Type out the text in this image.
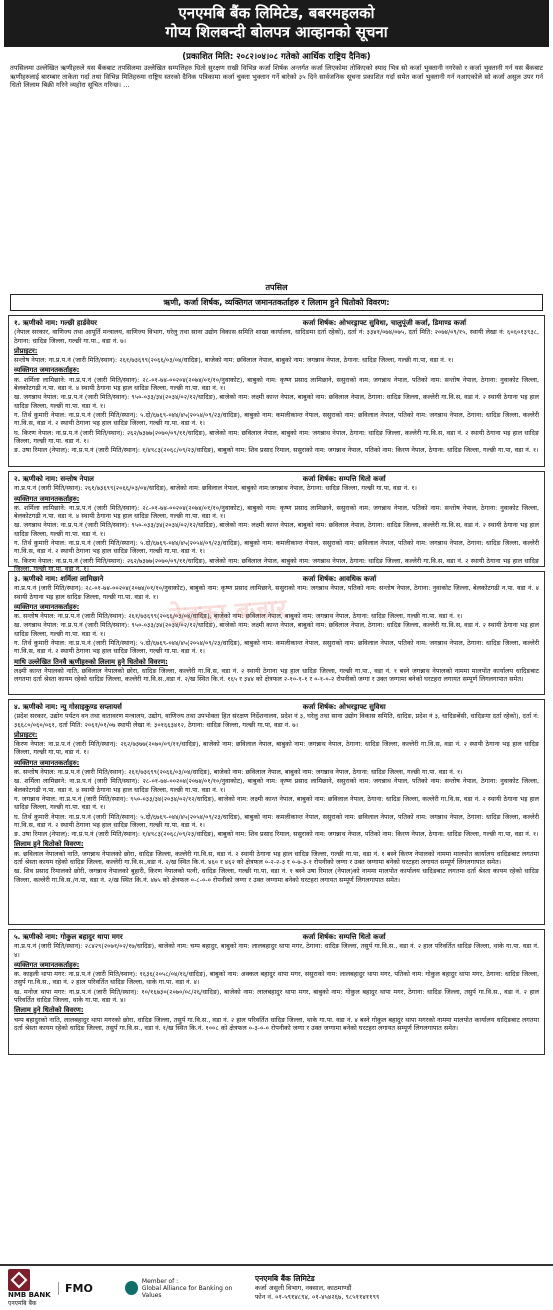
एनएमबि बैंक लिमिटेड, बबरमहलको
गोप्य शिलबन्दी बोलपत्र आव्हानको सूचना
(प्रकाशित मिति: २०८२।०४।०८ गतेको आर्थिक राष्ट्रिय दैनिक)

तपसिलमा उल्लेखित ऋणीहरुले यस बैंकबाट तपसिलमा उल्लेखित सम्पत्तिहरु धितो सुरक्षण राखी विभिन्न कर्जा शिर्षक अन्तर्गत कर्जा लिएकोमा तोकिएको स्याद भित्र सो कर्जा भुक्तानी नगरेको र कर्जा भुक्तानी गर्न यस बैंकबाट ऋणीहरुलाई बारम्बार ताकेता गर्दा तथा विभिन्न मितिहरुमा राष्ट्रिय स्तरको दैनिक पत्रिकामा कर्जा चुक्ता भुक्तान गर्ने बारेको ३५ दिने सार्वजनिक सूचना प्रकाशित गर्दा समेत कर्जा भुक्तानी गर्न नआएकोले सो कर्जा असुल उपर गर्न धितो लिलाम बिक्री गरिने व्यहोरा सूचित गरिन्छ। ...

तपसिल
ऋणी, कर्जा शिर्षक, व्यक्तिगत जमानतकर्ताहरु र लिलाम हुने धितोको विवरण:
ठेक्का बजार
१. ऋणीको नाम: गल्छी हार्डवेयर	कर्जा शिर्षक: ओभरड्राफ्ट सुविधा, चालुपूंजी कर्जा, डिमाण्ड कर्जा
(नेपाल सरकार, वाणिज्य तथा आपूर्ति मन्त्रालय, वाणिज्य विभाग, घरेलु तथा साना उद्योग विकास समिति शाखा कार्यालय, धादिङमा दर्ता रहेको), दर्ता नं: ३३४१/०७४/०७५, दर्ता मिति: २०७४/०९/१५, स्थायी लेखा नं: ६०६०१३९३८, ठेगाना: धादिङ जिल्ला, गल्छी गा.पा., वडा नं. ७।
प्रोप्राइटर:
सन्तोष नेपाल: ना.प्र.प.नं (जारी मिति/स्थान): २६१/७३६९९(२०६६/०३/०४/धादिङ), बाजेको नाम: छविलाल नेपाल, बाबुको नाम: जगन्नाथ नेपाल, ठेगाना: धादिङ जिल्ला, गल्छी गा.पा, वडा नं. १।
व्यक्तिगत जमानतकर्ताहरु:
क. शर्मिला लामिछाने: ना.प्र.प.नं (जारी मिति/स्थान): २८-०१-७४-००२०४(२०७४/०१/१०/नुवाकोट), बाबुको नाम: कृष्ण प्रसाद लामिछाने, ससुराको नाम: जगन्नाथ नेपाल, पतिको नाम: सन्तोष नेपाल, ठेगाना: नुवाकोट जिल्ला, बेलकोटगढी न.पा. वडा नं. ४ स्थायी ठेगाना भइ हाल धादिङ जिल्ला, गल्छी गा.पा. वडा नं. १।
ख. जगन्नाथ नेपाल: ना.प्र.प.नं (जारी मिति/स्थान): ९५०-०३३/३४(२०३४/०२/१२/धादिङ), बाजेको नाम: लक्ष्मी कान्त नेपाल, बाबुको नाम: छविलाल नेपाल, ठेगाना: धादिङ जिल्ला, कल्लेरी गा.वि.स, वडा नं. २ स्थायी ठेगाना भइ हाल धादिङ जिल्ला, गल्छी गा.पा. वडा नं. १।
ग. तिर्थ कुमारी नेपाल: ना.प्र.प.नं (जारी मिति/स्थान): ५.दो/६७६९-०४४/४५(२०५४/०९/२३/धादिङ), बाबुको नाम: कमलीकान्त नेपाल, ससुराको नाम: छविलाल नेपाल, पतिको नाम: जगन्नाथ नेपाल, ठेगाना: धादिङ जिल्ला, कल्लेरी गा.वि.स, वडा नं. २ स्थायी ठेगाना भइ हाल धादिङ जिल्ला, गल्छी गा.पा. वडा नं. १।
घ. किरण नेपाल: ना.प्र.प.नं (जारी मिति/स्थान): २६२/७३७७(२०७०/०९/११/धादिङ), बाजेको नाम: छविलाल नेपाल, बाबुको नाम: जगन्नाथ नेपाल, ठेगाना: धादिङ जिल्ला, कल्लेरी गा.वि.स, वडा नं. २ स्थायी ठेगाना भइ हाल धादिङ जिल्ला, गल्छी गा.पा. वडा नं. १।
ङ. उषा रिमाल (नेपाल): ना.प्र.प.नं (जारी मिति/स्थान): १/४९८३(२०६८/०९/२३/धादिङ), बाबुको नाम: शिव प्रसाद रिमाल, ससुराको नाम: जगन्नाथ नेपाल, पतिको नाम: किरण नेपाल, ठेगाना: धादिङ जिल्ला, गल्छी गा.पा, वडा नं. १।
२. ऋणीको नाम: सन्तोष नेपाल	कर्जा शिर्षक: सम्पत्ति धितो कर्जा
ना.प्र.प.नं (जारी मिति/स्थान): २६१/७३६९९(२०६६/०३/०४/धादिङ), बाजेको नाम: छविलाल नेपाल, बाबुको नाम:जगन्नाथ नेपाल, ठेगाना: धादिङ जिल्ला, गल्छी गा.पा, वडा नं. १।
व्यक्तिगत जमानतकर्ताहरु:
क. शर्मिला लामिछाने: ना.प्र.प.नं (जारी मिति/स्थान): २८-०१-७४-००२०४(२०७४/०१/१०/नुवाकोट), बाबुको नाम: कृष्ण प्रसाद लामिछाने, ससुराको नाम: जगन्नाथ नेपाल, पतिको नाम: सन्तोष नेपाल, ठेगाना: नुवाकोट जिल्ला, बेलकोटगढी न.पा. वडा नं. ४ स्थायी ठेगाना भइ हाल धादिङ जिल्ला, गल्छी गा.पा. वडा नं. १।
ख. जगन्नाथ नेपाल: ना.प्र.प.नं (जारी मिति/स्थान): ९५०-०३३/३४(२०३४/०२/१२/धादिङ), बाजेको नाम: लक्ष्मी कान्त नेपाल, बाबुको नाम: छविलाल नेपाल, ठेगाना: धादिङ जिल्ला, कल्लेरी गा.वि.स, वडा नं. २ स्थायी ठेगाना भइ हाल धादिङ जिल्ला, गल्छी गा.पा. वडा नं. १।
ग. तिर्थ कुमारी नेपाल: ना.प्र.प.नं (जारी मिति/स्थान): ५.दो/६७६९-०४४/४५(२०५४/०९/२३/धादिङ), बाबुको नाम: कमलीकान्त नेपाल, ससुराको नाम: छविलाल नेपाल, पतिको नाम: जगन्नाथ नेपाल, ठेगाना: धादिङ जिल्ला, कल्लेरी गा.वि.स, वडा नं. २ स्थायी ठेगाना भइ हाल धादिङ जिल्ला, गल्छी गा.पा. वडा नं. १।
घ. किरण नेपाल: ना.प्र.प.नं (जारी मिति/स्थान): २६२/७३७७(२०७०/०९/११/धादिङ), बाजेको नाम: छविलाल नेपाल, बाबुको नाम: जगन्नाथ नेपाल, ठेगाना: धादिङ जिल्ला, कल्लेरी गा.वि.स, वडा नं. २ स्थायी ठेगाना भइ हाल धादिङ जिल्ला, गल्छी गा.पा. वडा नं. १।
३. ऋणीको नाम: शर्मिला लामिछाने	कर्जा शिर्षक: आवधिक कर्जा
ना.प्र.प.नं (जारी मिति/स्थान): २८-०१-७४-००२०४(२०७४/०१/१०/नुवाकोट), बाबुको नाम: कृष्ण प्रसाद लामिछाने, ससुराको नाम: जगन्नाथ नेपाल, पतिको नाम: सन्तोष नेपाल, ठेगाना: नुवाकोट जिल्ला, बेलकोटगढी न.पा. वडा नं. ४ स्थायी ठेगाना भइ हाल धादिङ जिल्ला, गल्छी गा.पा. वडा नं. १।
व्यक्तिगत जमानतकर्ताहरु:
क. सन्तोष नेपाल: ना.प्र.प.नं (जारी मिति/स्थान): २६१/७३६९९(२०६६/०३/०४/धादिङ), बाजेको नाम: छविलाल नेपाल, बाबुको नाम: जगन्नाथ नेपाल, ठेगाना: धादिङ जिल्ला, गल्छी गा.पा. वडा नं. १।
ख. जगन्नाथ नेपाल: ना.प्र.प.नं (जारी मिति/स्थान): ९५०-०३३/३४(२०३४/०२/१२/धादिङ), बाजेको नाम: लक्ष्मी कान्त नेपाल, बाबुको नाम: छविलाल नेपाल, ठेगाना: धादिङ जिल्ला, कल्लेरी गा.वि.स, वडा नं. २ स्थायी ठेगाना भइ हाल धादिङ जिल्ला, गल्छी गा.पा. वडा नं. १।
ग. तिर्थ कुमारी नेपाल: ना.प्र.प.नं (जारी मिति/स्थान): ५.दो/६७६९-०४४/४५(२०५४/०९/२३/धादिङ), बाबुको नाम: कमलीकान्त नेपाल, ससुराको नाम: छविलाल नेपाल, पतिको नाम: जगन्नाथ नेपाल, ठेगाना: धादिङ जिल्ला, कल्लेरी गा.वि.स, वडा नं. २ स्थायी ठेगाना भइ हाल धादिङ जिल्ला, गल्छी गा.पा. वडा नं. १।
माथि उल्लेखित तिनवै ऋणीहरुको लिलाम हुने धितोको विवरण:
लक्ष्मी कान्त नेपालको नाति, छविलाल नेपालको छोरा, धादिङ जिल्ला, कल्लेरी गा.वि.स, वडा नं. २ स्थायी ठेगाना भइ हाल धादिङ जिल्ला, गल्छी गा.पा., वडा नं. १ बस्ने जगन्नाथ नेपालको नाममा मालपोत कार्यालय धादिङबाट लगतमा दर्ता श्रेस्ता कायम रहेको धादिङ जिल्ला, कल्लेरी गा.वि.स.,वडा नं. २/ख स्थित कि.नं. १६५ र ३४४ को क्षेत्रफल २-१०-१-१ र ०-१-०-२ रोपनीको जग्गा र उक्त जग्गामा बनेको घरटहरा लगायत सम्पूर्ण लिगलगापात समेत।
४. ऋणीको नाम: न्यु गोसाइकुण्ड सप्लायर्स	कर्जा शिर्षक: ओभरड्राफ्ट सुविधा
(प्रदेश सरकार, उद्योग पर्यटन वन तथा वातावरण मन्त्रालय, उद्योग, वाणिज्य तथा उपभोक्ता हित संरक्षण निर्देशनालय, प्रदेश नं ३, घरेलु तथा साना उद्योग विकास समिति, धादिङ, प्रदेश नं ३, धादिङबेंसी, धादिङमा दर्ता रहेको), दर्ता नं: ३६६८०/०६०/०६१, दर्ता मिति: २०६१/०१/०७ स्थायी लेखा नं: ३०१६६३४१२, ठेगाना: धादिङ जिल्ला, गल्छी गा.पा, वडा नं. ७।
प्रोप्राइटर:
किरण नेपाल: ना.प्र.प.नं (जारी मिति/स्थान): २६२/७३७७(२०७०/०९/११/धादिङ), बाजेको नाम: छविलाल नेपाल, बाबुको नाम: जगन्नाथ नेपाल, ठेगाना: धादिङ जिल्ला, कल्लेरी गा.वि.स, वडा नं. २ स्थायी ठेगाना भइ हाल धादिङ जिल्ला, गल्छी गा.पा, वडा नं. १।
व्यक्तिगत जमानतकर्ताहरु:
क. सन्तोष नेपाल: ना.प्र.प.नं (जारी मिति/स्थान): २६१/७३६९९(२०६६/०३/०४/धादिङ), बाजेको नाम: छविलाल नेपाल, बाबुको नाम: जगन्नाथ नेपाल, ठेगाना: धादिङ जिल्ला, गल्छी गा.पा. वडा नं. १।
ख. शर्मिला लामिछाने: ना.प्र.प.नं (जारी मिति/स्थान): २८-०१-७४-००२०४(२०७४/०१/१०/नुवाकोट), बाबुको नाम: कृष्ण प्रसाद लामिछाने, ससुराको नाम: जगन्नाथ नेपाल, पतिको नाम: सन्तोष नेपाल, ठेगाना: नुवाकोट जिल्ला, बेलकोटगढी न.पा. वडा नं. ४ स्थायी ठेगाना भइ हाल धादिङ जिल्ला, गल्छी गा.पा. वडा नं. १।
ग. जगन्नाथ नेपाल: ना.प्र.प.नं (जारी मिति/स्थान): ९५०-०३३/३४(२०३४/०२/१२/धादिङ), बाजेको नाम: लक्ष्मी कान्त नेपाल, बाबुको नाम: छविलाल नेपाल, ठेगाना: धादिङ जिल्ला, कल्लेरी गा.वि.स, वडा नं. २ स्थायी ठेगाना भइ हाल धादिङ जिल्ला, गल्छी गा.पा. वडा नं. १।
घ. तिर्थ कुमारी नेपाल: ना.प्र.प.नं (जारी मिति/स्थान): ५.दो/६७६९-०४४/४५(२०५४/०९/२३/धादिङ), बाबुको नाम: कमलीकान्त नेपाल, ससुराको नाम: छविलाल नेपाल, पतिको नाम: जगन्नाथ नेपाल, ठेगाना: धादिङ जिल्ला, कल्लेरी गा.वि.स, वडा नं. २ स्थायी ठेगाना भइ हाल धादिङ जिल्ला, गल्छी गा.पा. वडा नं. १।
ङ. उषा रिमाल (नेपाल): ना.प्र.प.नं (जारी मिति/स्थान): १/४९८३(२०६८/०९/२३/धादिङ), बाबुको नाम: शिव प्रसाद रिमाल, ससुराको नाम: जगन्नाथ नेपाल, पतिको नाम: किरण नेपाल, ठेगाना: धादिङ जिल्ला, गल्छी गा.पा, वडा नं. १।
लिलाम हुने धितोको विवरण:
क. छविलाल नेपालको नाति, जगन्नाथ नेपालको छोरा, धादिङ जिल्ला, कल्लेरी गा.वि.स, वडा नं. २ स्थायी ठेगाना भइ हाल धादिङ जिल्ला, गल्छी गा.पा, वडा नं. १ बस्ने किरण नेपालको नाममा मालपोत कार्यालय धादिङबाट लगतमा दर्ता श्रेस्ता कायम रहेको धादिङ जिल्ला, कल्लेरी गा.वि.स.,वडा नं. २/ख स्थित कि.नं. ४६० र ४६२ को क्षेत्रफल ०-२-२-३ र ०-७-३-१ रोपनीको जग्गा र उक्त जग्गामा बनेको घरटहरा लगायत सम्पूर्ण लिगलगापात समेत।
ख. शिव प्रसाद रिमालको छोरी, जगन्नाथ नेपालको बुहारी, किरण नेपालको पत्नी, धादिङ जिल्ला, गल्छी गा.पा, वडा नं. १ बस्ने उषा रिमाल (नेपाल)को नाममा मालपोत कार्यालय धादिङबाट लगतमा दर्ता श्रेस्ता कायम रहेको धादिङ जिल्ला, कल्लेरी गा.वि.स./न.पा, वडा नं. २/ख स्थित कि.नं. ४७५ को क्षेत्रफल ०-८-०-० रोपनीको जग्गा र उक्त जग्गामा बनेको घरटहरा लगायत सम्पूर्ण लिगलगापात समेत।
५. ऋणीको नाम: गोकुल बहादुर थापा मगर	कर्जा शिर्षक: सम्पत्ति धितो कर्जा
ना.प्र.प.नं (जारी मिति/स्थान): २८४२९(२०७१/०२/१७/धादिङ), बाजेको नाम: चम्प बहादुर, बाबुको नाम: लालबहादुर थापा मगर, ठेगाना: धादिङ जिल्ला, तसुर्प गा.वि.स., वडा नं. २ हाल परिवर्तित धादिङ जिल्ला, थाके गा.पा. वडा नं. ४।
व्यक्तिगत जमानतकर्ताहरु:
क. काइली थापा मगर: ना.प्र.प.नं (जारी मिति/स्थान): १६३६(२०५८/०४/१६/धादिङ), बाबुको नाम: अक्कल बहादुर थापा मगर, ससुराको नाम: लालबहादुर थापा मगर, पतिको नाम: गोकुल बहादुर थापा मगर, ठेगाना: धादिङ जिल्ला, तसुर्प गा.वि.स., वडा नं. २ हाल परिवर्तित धादिङ जिल्ला, थाके गा.पा. वडा नं. ४।
ख. मनोज थापा मगर: ना.प्र.प.नं (जारी मिति/स्थान): १०/१६७३०(२०७०/०८/२६/धादिङ), बाजेको नाम: लालबहादुर थापा मगर, बाबुको नाम: गोकुल बहादुर थापा मगर, ठेगाना: धादिङ जिल्ला, तसुर्प गा.वि.स., वडा नं. २ हाल परिवर्तित धादिङ जिल्ला, थाके गा.पा. वडा नं. ४।
लिलाम हुने धितोको विवरण:
चम्प बहादुरको नाति, लालबहादुर थापा मगरको छोरा, धादिङ जिल्ला, तसुर्प गा.वि.स., वडा नं. २ हाल परिवर्तित धादिङ जिल्ला, थाके गा.पा. वडा नं. ४ बस्ने गोकुल बहादुर थापा मगरको नाममा मालपोत कार्यालय धादिङबाट लगतमा दर्ता श्रेस्ता कायम रहेको धादिङ जिल्ला, तसुर्प गा.वि.स., वडा नं. १/ख स्थित कि.नं. १००८ को क्षेत्रफल ०-३-०-० रोपनीको जग्गा र उक्त जग्गामा बनेको घरटहरा लगायत सम्पूर्ण लिगलगापात समेत।
NMB BANK
एनएमबि बैंक
FMO
Member of :
Global Alliance for Banking on Values
एनएमबि बैंक लिमिटेड
कर्जा असुली विभाग, नक्साल, काठमाण्डौं
फोन नं. ०१-५९१४८९४, ०१-४५४२६७, ९८५११४११९९
